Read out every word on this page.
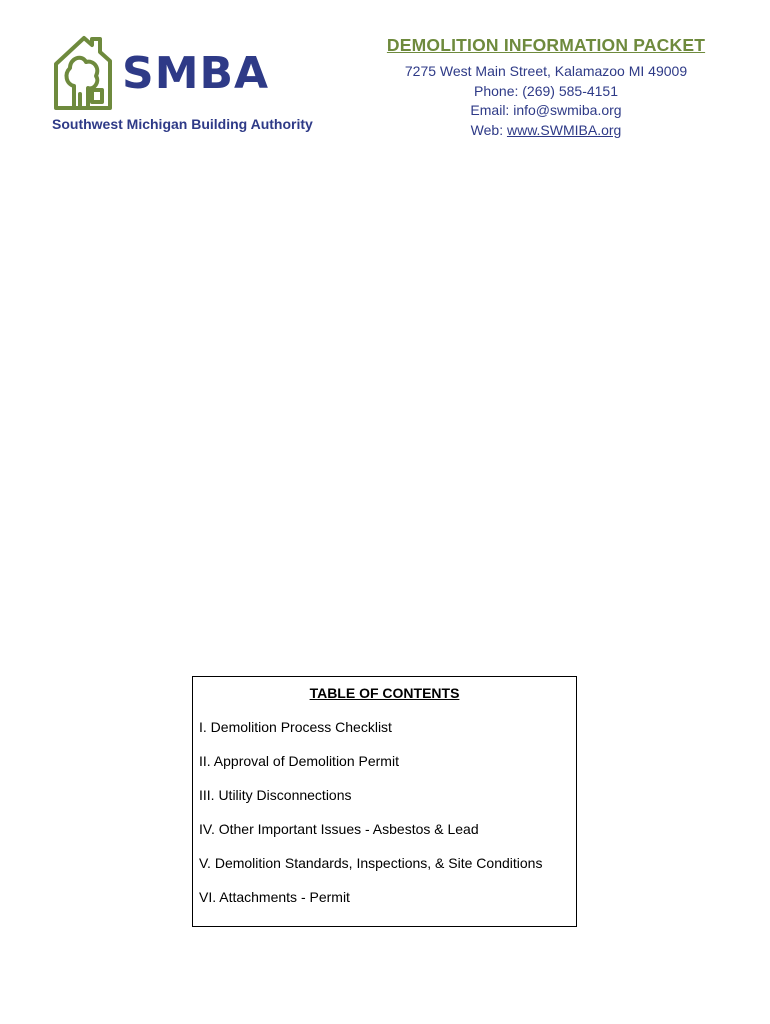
SMBA
Southwest Michigan Building Authority
DEMOLITION INFORMATION PACKET
7275 West Main Street, Kalamazoo MI 49009
Phone: (269) 585-4151
Email: info@swmiba.org
Web: www.SWMIBA.org
TABLE OF CONTENTS
I. Demolition Process Checklist
II. Approval of Demolition Permit
III. Utility Disconnections
IV. Other Important Issues - Asbestos & Lead
V. Demolition Standards, Inspections, & Site Conditions
VI. Attachments - Permit
